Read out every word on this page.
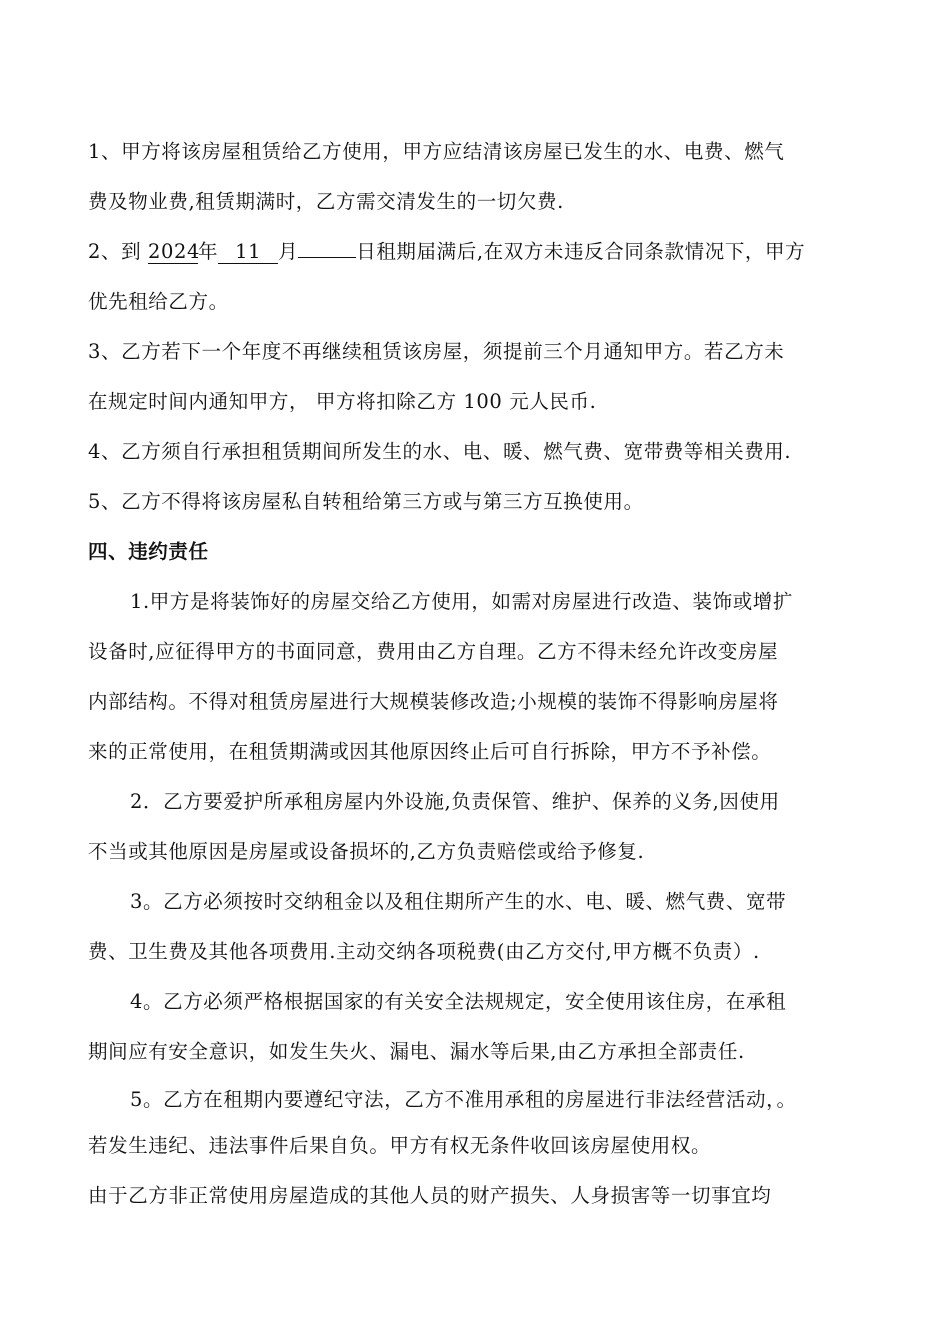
1、甲方将该房屋租赁给乙方使用，甲方应结清该房屋已发生的水、电费、燃气
费及物业费,租赁期满时，乙方需交清发生的一切欠费.
2、到 2024年 11 月	日租期届满后,在双方未违反合同条款情况下，甲方
优先租给乙方。
3、乙方若下一个年度不再继续租赁该房屋，须提前三个月通知甲方。若乙方未
在规定时间内通知甲方， 甲方将扣除乙方 100 元人民币.
4、乙方须自行承担租赁期间所发生的水、电、暖、燃气费、宽带费等相关费用.
5、乙方不得将该房屋私自转租给第三方或与第三方互换使用。
四、违约责任
1.甲方是将装饰好的房屋交给乙方使用，如需对房屋进行改造、装饰或增扩
设备时,应征得甲方的书面同意，费用由乙方自理。乙方不得未经允许改变房屋
内部结构。不得对租赁房屋进行大规模装修改造;小规模的装饰不得影响房屋将
来的正常使用，在租赁期满或因其他原因终止后可自行拆除，甲方不予补偿。
2．乙方要爱护所承租房屋内外设施,负责保管、维护、保养的义务,因使用
不当或其他原因是房屋或设备损坏的,乙方负责赔偿或给予修复.
3。乙方必须按时交纳租金以及租住期所产生的水、电、暖、燃气费、宽带
费、卫生费及其他各项费用.主动交纳各项税费(由乙方交付,甲方概不负责）.
4。乙方必须严格根据国家的有关安全法规规定，安全使用该住房，在承租
期间应有安全意识，如发生失火、漏电、漏水等后果,由乙方承担全部责任.
5。乙方在租期内要遵纪守法，乙方不准用承租的房屋进行非法经营活动，。
若发生违纪、违法事件后果自负。甲方有权无条件收回该房屋使用权。
由于乙方非正常使用房屋造成的其他人员的财产损失、人身损害等一切事宜均
